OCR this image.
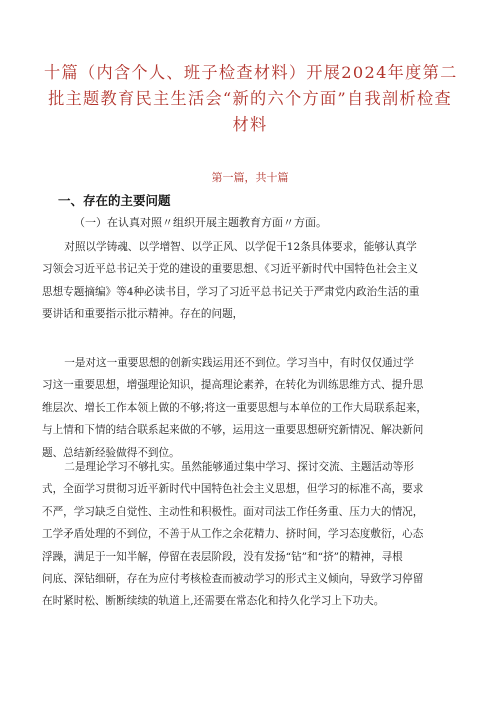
十篇（内含个人、班子检查材料）开展2024年度第二
批主题教育民主生活会“新的六个方面”自我剖析检查
材料
第一篇，共十篇
一、存在的主要问题
（一）在认真对照〃组织开展主题教育方面〃方面。
对照以学铸魂、以学增智、以学正风、以学促干12条具体要求，能够认真学
习领会习近平总书记关于党的建设的重要思想、《习近平新时代中国特色社会主义
思想专题摘编》等4种必读书目，学习了习近平总书记关于严肃党内政治生活的重
要讲话和重要指示批示精神。存在的问题，
一是对这一重要思想的创新实践运用还不到位。学习当中，有时仅仅通过学
习这一重要思想，增强理论知识，提高理论素养，在转化为训练思维方式、提升思
维层次、增长工作本领上做的不够;将这一重要思想与本单位的工作大局联系起来，
与上情和下情的结合联系起来做的不够，运用这一重要思想研究新情况、解决新问
题、总结新经验做得不到位。
二是理论学习不够扎实。虽然能够通过集中学习、探讨交流、主题活动等形
式，全面学习贯彻习近平新时代中国特色社会主义思想，但学习的标准不高，要求
不严，学习缺乏自觉性、主动性和积极性。面对司法工作任务重、压力大的情况，
工学矛盾处理的不到位，不善于从工作之余花精力、挤时间，学习态度敷衍，心态
浮躁，满足于一知半解，停留在表层阶段，没有发扬“钻”和“挤”的精神，寻根
问底、深钻细研，存在为应付考核检查而被动学习的形式主义倾向，导致学习停留
在时紧时松、断断续续的轨道上,还需要在常态化和持久化学习上下功夫。
